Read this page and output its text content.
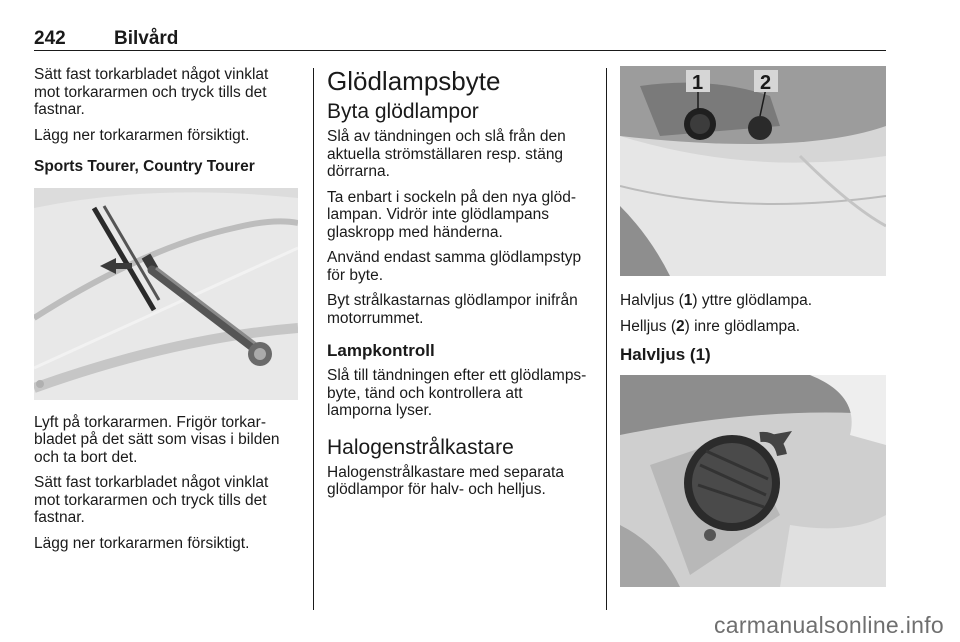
242	Bilvård

Sätt fast torkarbladet något vinklat
mot torkararmen och tryck tills det
fastnar.

Lägg ner torkararmen försiktigt.

Sports Tourer, Country Tourer

Lyft på torkararmen. Frigör torkar-
bladet på det sätt som visas i bilden
och ta bort det.

Sätt fast torkarbladet något vinklat
mot torkararmen och tryck tills det
fastnar.

Lägg ner torkararmen försiktigt.

Glödlampsbyte
Byta glödlampor

Slå av tändningen och slå från den
aktuella strömställaren resp. stäng
dörrarna.

Ta enbart i sockeln på den nya glöd-
lampan. Vidrör inte glödlampans
glaskropp med händerna.

Använd endast samma glödlampstyp
för byte.

Byt strålkastarnas glödlampor inifrån
motorrummet.

Lampkontroll

Slå till tändningen efter ett glödlamps-
byte, tänd och kontrollera att
lamporna lyser.

Halogenstrålkastare

Halogenstrålkastare med separata
glödlampor för halv- och helljus.

1	2

Halvljus (1) yttre glödlampa.

Helljus (2) inre glödlampa.

Halvljus (1)
carmanualsonline.info
